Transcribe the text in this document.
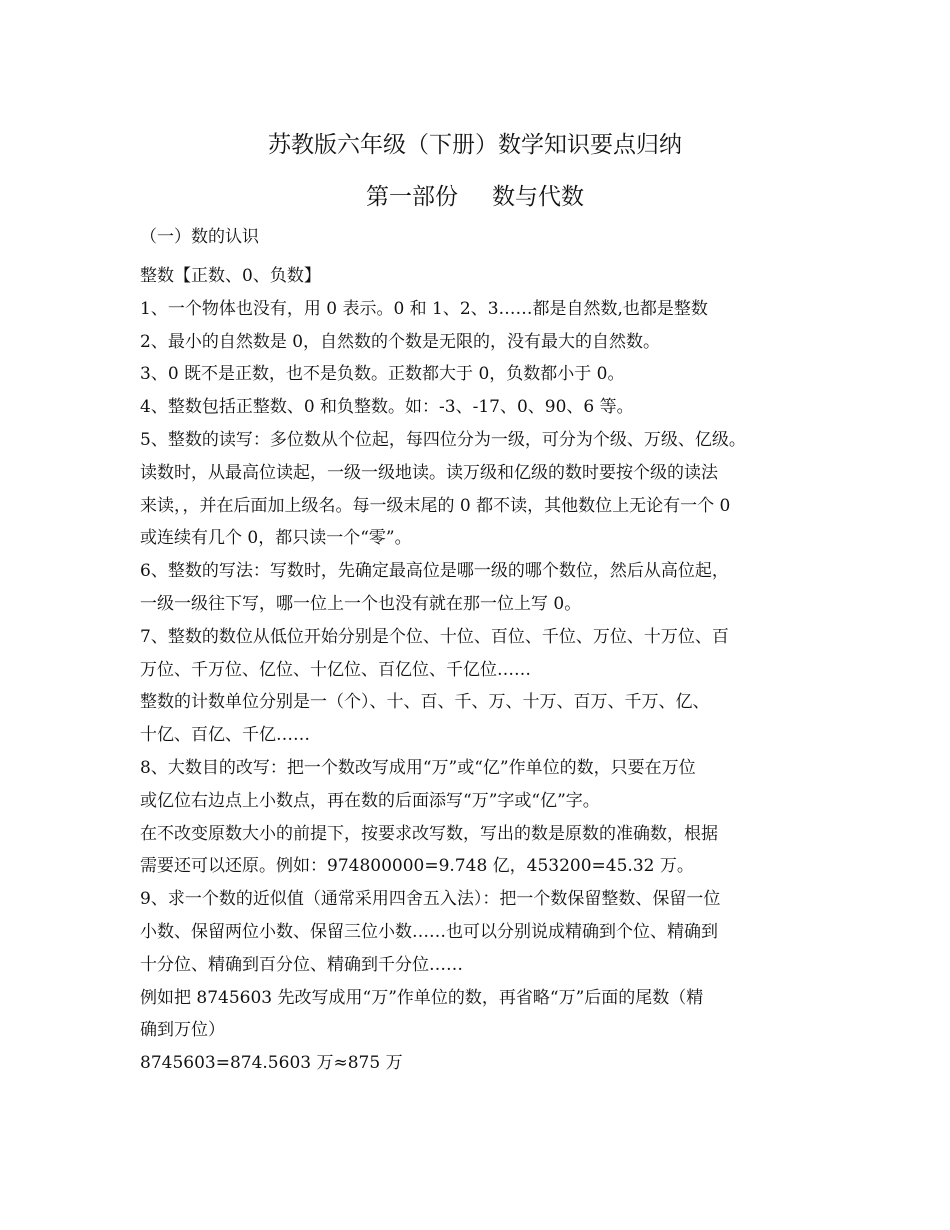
苏教版六年级（下册）数学知识要点归纳
第一部份 数与代数
（一）数的认识
整数【正数、0、负数】
1、一个物体也没有，用 0 表示。0 和 1、2、3……都是自然数,也都是整数
2、最小的自然数是 0，自然数的个数是无限的，没有最大的自然数。
3、0 既不是正数，也不是负数。正数都大于 0，负数都小于 0。
4、整数包括正整数、0 和负整数。如：-3、-17、0、90、6 等。
5、整数的读写：多位数从个位起，每四位分为一级，可分为个级、万级、亿级。
读数时，从最高位读起，一级一级地读。读万级和亿级的数时要按个级的读法
来读，，并在后面加上级名。每一级末尾的 0 都不读，其他数位上无论有一个 0
或连续有几个 0，都只读一个“零”。
6、整数的写法：写数时，先确定最高位是哪一级的哪个数位，然后从高位起，
一级一级往下写，哪一位上一个也没有就在那一位上写 0。
7、整数的数位从低位开始分别是个位、十位、百位、千位、万位、十万位、百
万位、千万位、亿位、十亿位、百亿位、千亿位……
整数的计数单位分别是一（个）、十、百、千、万、十万、百万、千万、亿、
十亿、百亿、千亿……
8、大数目的改写：把一个数改写成用“万”或“亿”作单位的数，只要在万位
或亿位右边点上小数点，再在数的后面添写“万”字或“亿”字。
在不改变原数大小的前提下，按要求改写数，写出的数是原数的准确数，根据
需要还可以还原。例如：974800000=9.748 亿，453200=45.32 万。
9、求一个数的近似值（通常采用四舍五入法）：把一个数保留整数、保留一位
小数、保留两位小数、保留三位小数……也可以分别说成精确到个位、精确到
十分位、精确到百分位、精确到千分位……
例如把 8745603 先改写成用“万”作单位的数，再省略“万”后面的尾数（精
确到万位）
8745603=874.5603 万≈875 万
